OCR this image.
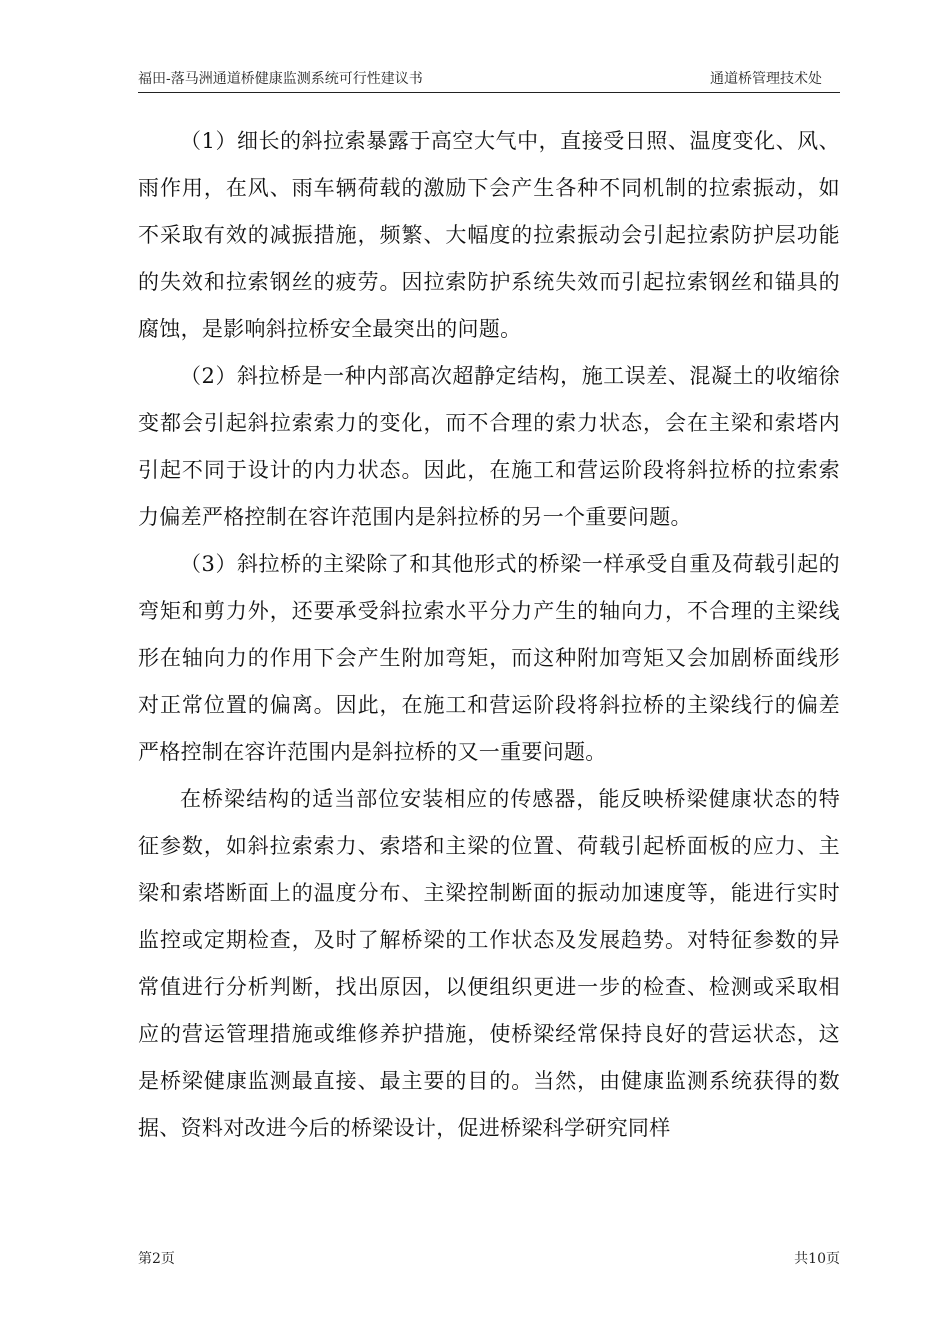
福田-落马洲通道桥健康监测系统可行性建议书	通道桥管理技术处

（1）细长的斜拉索暴露于高空大气中，直接受日照、温度变化、风、雨作用，在风、雨车辆荷载的激励下会产生各种不同机制的拉索振动，如不采取有效的减振措施，频繁、大幅度的拉索振动会引起拉索防护层功能的失效和拉索钢丝的疲劳。因拉索防护系统失效而引起拉索钢丝和锚具的腐蚀，是影响斜拉桥安全最突出的问题。

（2）斜拉桥是一种内部高次超静定结构，施工误差、混凝土的收缩徐变都会引起斜拉索索力的变化，而不合理的索力状态，会在主梁和索塔内引起不同于设计的内力状态。因此，在施工和营运阶段将斜拉桥的拉索索力偏差严格控制在容许范围内是斜拉桥的另一个重要问题。

（3）斜拉桥的主梁除了和其他形式的桥梁一样承受自重及荷载引起的弯矩和剪力外，还要承受斜拉索水平分力产生的轴向力，不合理的主梁线形在轴向力的作用下会产生附加弯矩，而这种附加弯矩又会加剧桥面线形对正常位置的偏离。因此，在施工和营运阶段将斜拉桥的主梁线行的偏差严格控制在容许范围内是斜拉桥的又一重要问题。

在桥梁结构的适当部位安装相应的传感器，能反映桥梁健康状态的特征参数，如斜拉索索力、索塔和主梁的位置、荷载引起桥面板的应力、主梁和索塔断面上的温度分布、主梁控制断面的振动加速度等，能进行实时监控或定期检查，及时了解桥梁的工作状态及发展趋势。对特征参数的异常值进行分析判断，找出原因，以便组织更进一步的检查、检测或采取相应的营运管理措施或维修养护措施，使桥梁经常保持良好的营运状态，这是桥梁健康监测最直接、最主要的目的。当然，由健康监测系统获得的数据、资料对改进今后的桥梁设计，促进桥梁科学研究同样

第2页	共10页
